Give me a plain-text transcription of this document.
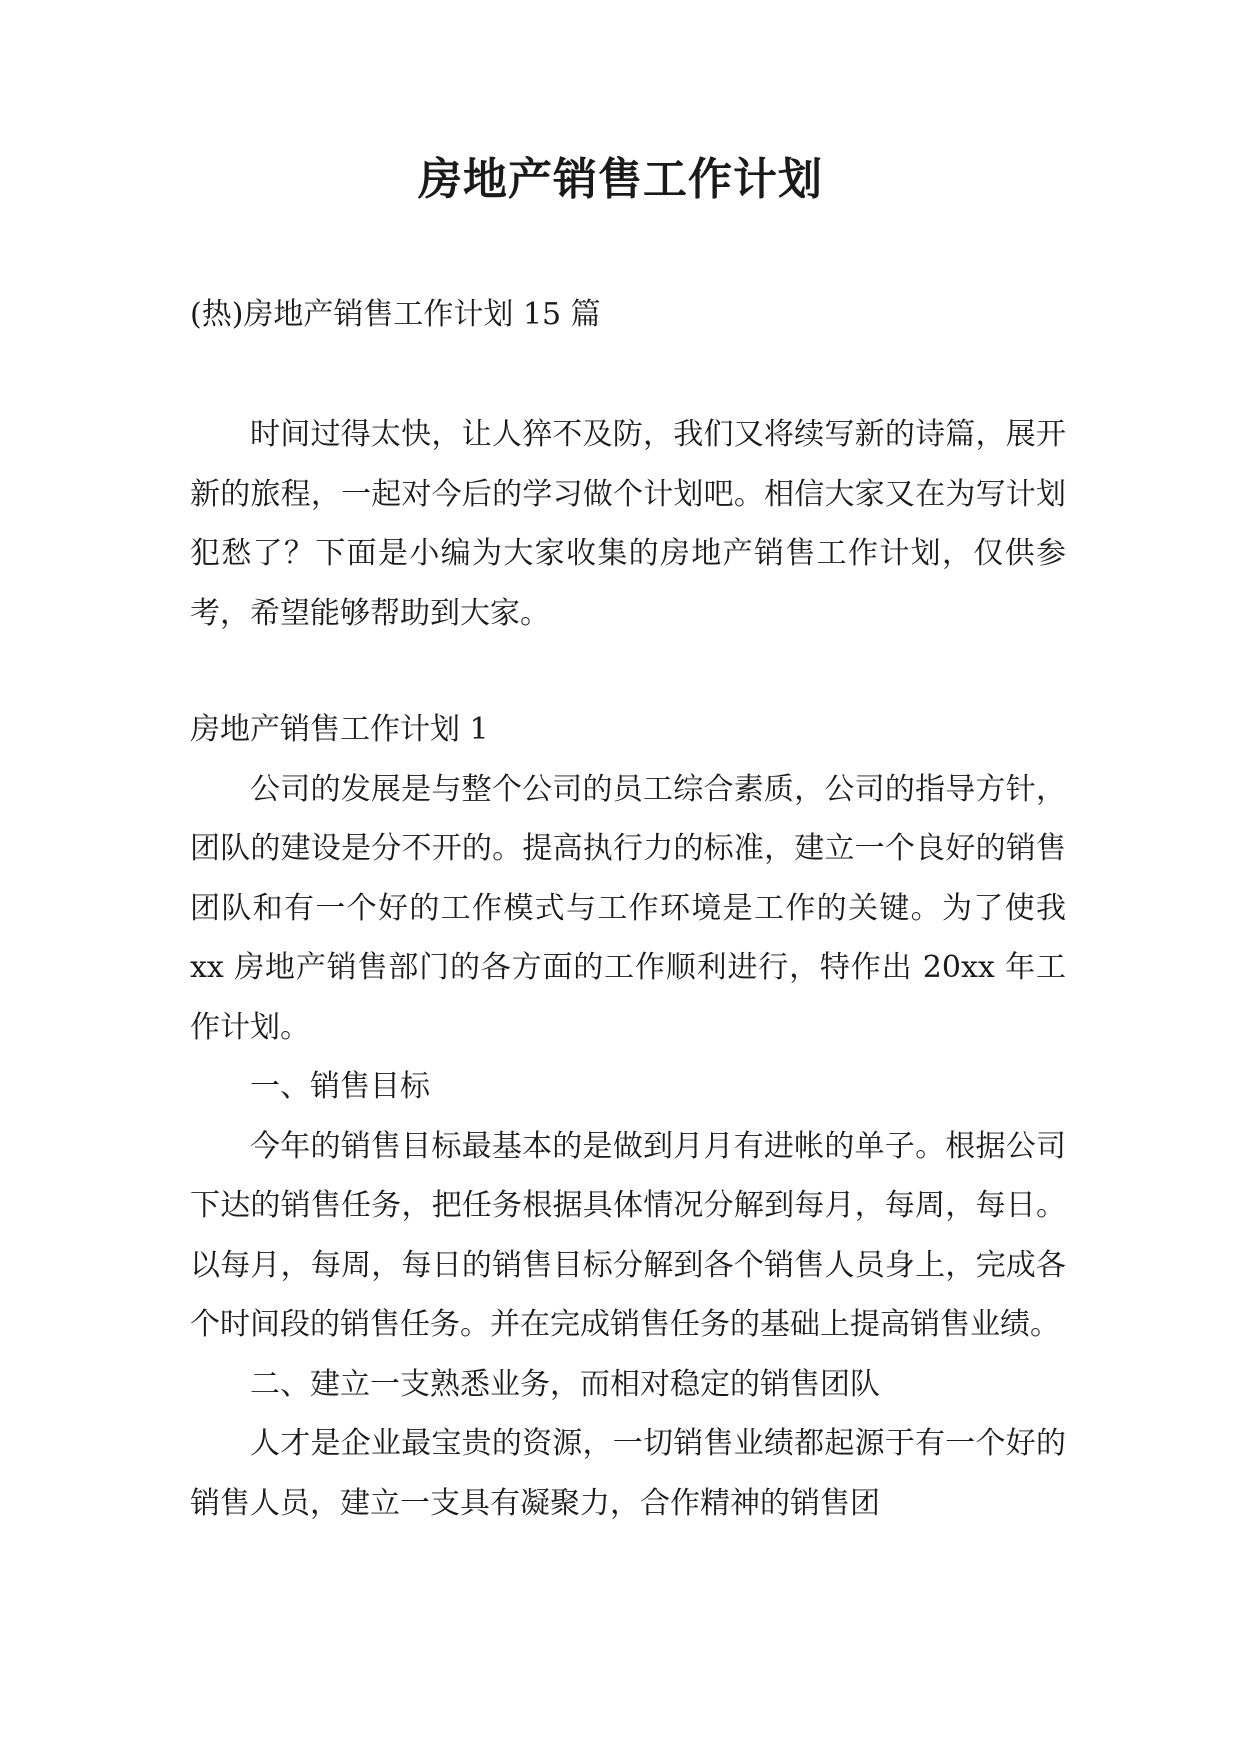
房地产销售工作计划

(热)房地产销售工作计划 15 篇

时间过得太快，让人猝不及防，我们又将续写新的诗篇，展开新的旅程，一起对今后的学习做个计划吧。相信大家又在为写计划犯愁了？下面是小编为大家收集的房地产销售工作计划，仅供参考，希望能够帮助到大家。

房地产销售工作计划 1

公司的发展是与整个公司的员工综合素质，公司的指导方针，团队的建设是分不开的。提高执行力的标准，建立一个良好的销售团队和有一个好的工作模式与工作环境是工作的关键。为了使我 xx 房地产销售部门的各方面的工作顺利进行，特作出 20xx 年工作计划。

一、销售目标

今年的销售目标最基本的是做到月月有进帐的单子。根据公司下达的销售任务，把任务根据具体情况分解到每月，每周，每日。以每月，每周，每日的销售目标分解到各个销售人员身上，完成各个时间段的销售任务。并在完成销售任务的基础上提高销售业绩。

二、建立一支熟悉业务，而相对稳定的销售团队

人才是企业最宝贵的资源，一切销售业绩都起源于有一个好的销售人员，建立一支具有凝聚力，合作精神的销售团
